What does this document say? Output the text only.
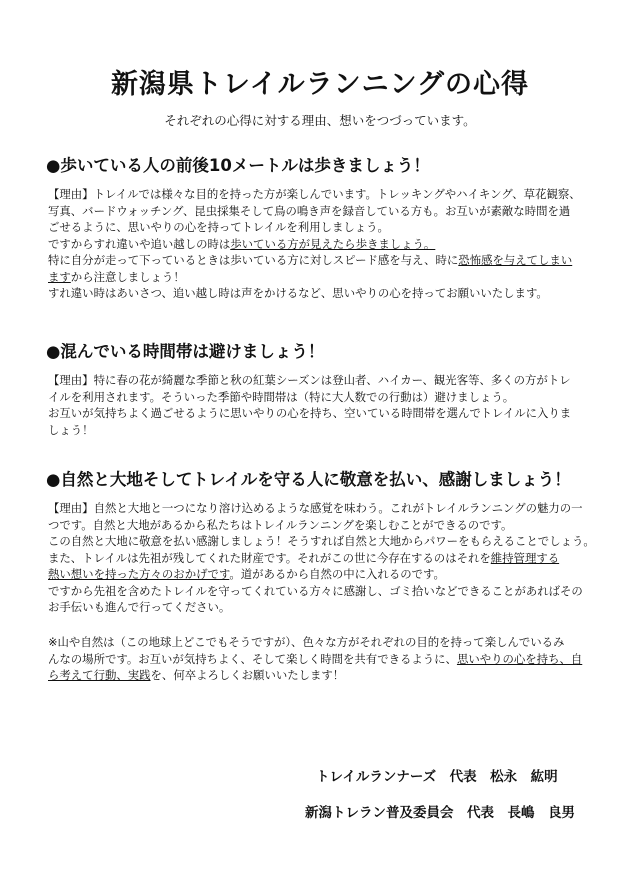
新潟県トレイルランニングの心得
それぞれの心得に対する理由、想いをつづっています。
●歩いている人の前後10メートルは歩きましょう！
【理由】トレイルでは様々な目的を持った方が楽しんでいます。トレッキングやハイキング、草花観察、
写真、バードウォッチング、昆虫採集そして鳥の鳴き声を録音している方も。お互いが素敵な時間を過
ごせるように、思いやりの心を持ってトレイルを利用しましょう。
ですからすれ違いや追い越しの時は歩いている方が見えたら歩きましょう。
特に自分が走って下っているときは歩いている方に対しスピード感を与え、時に恐怖感を与えてしまい
ますから注意しましょう！
すれ違い時はあいさつ、追い越し時は声をかけるなど、思いやりの心を持ってお願いいたします。
●混んでいる時間帯は避けましょう！
【理由】特に春の花が綺麗な季節と秋の紅葉シーズンは登山者、ハイカー、観光客等、多くの方がトレ
イルを利用されます。そういった季節や時間帯は（特に大人数での行動は）避けましょう。
お互いが気持ちよく過ごせるように思いやりの心を持ち、空いている時間帯を選んでトレイルに入りま
しょう！
●自然と大地そしてトレイルを守る人に敬意を払い、感謝しましょう！
【理由】自然と大地と一つになり溶け込めるような感覚を味わう。これがトレイルランニングの魅力の一
つです。自然と大地があるから私たちはトレイルランニングを楽しむことができるのです。
この自然と大地に敬意を払い感謝しましょう！そうすれば自然と大地からパワーをもらえることでしょう。
また、トレイルは先祖が残してくれた財産です。それがこの世に今存在するのはそれを維持管理する
熱い想いを持った方々のおかげです。道があるから自然の中に入れるのです。
ですから先祖を含めたトレイルを守ってくれている方々に感謝し、ゴミ拾いなどできることがあればその
お手伝いも進んで行ってください。
※山や自然は（この地球上どこでもそうですが）、色々な方がそれぞれの目的を持って楽しんでいるみ
んなの場所です。お互いが気持ちよく、そして楽しく時間を共有できるように、思いやりの心を持ち、自
ら考えて行動、実践を、何卒よろしくお願いいたします！
トレイルランナーズ　代表　松永　紘明
新潟トレラン普及委員会　代表　長嶋　良男
